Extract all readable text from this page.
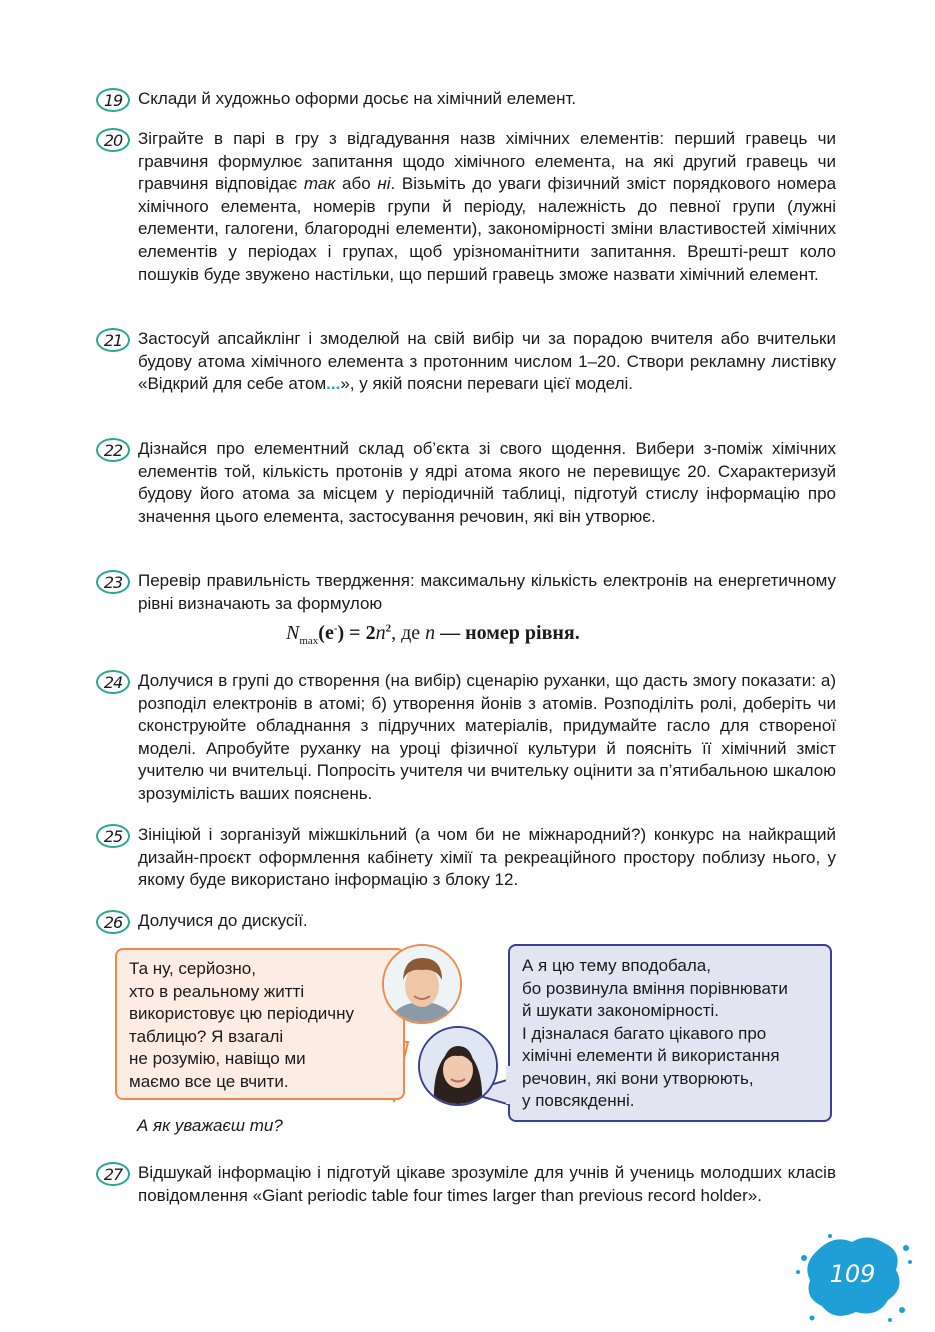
19 Склади й художньо оформи досьє на хімічний елемент.
20 Зіграйте в парі в гру з відгадування назв хімічних елементів: перший гравець чи гравчиня формулює запитання щодо хімічного елемента, на які другий гравець чи гравчиня відповідає так або ні. Візьміть до уваги фізичний зміст порядкового номера хімічного елемента, номерів групи й періоду, належність до певної групи (лужні елементи, галогени, благородні елементи), закономірності зміни властивостей хімічних елементів у періодах і групах, щоб урізноманітнити запитання. Врешті-решт коло пошуків буде звужено настільки, що перший гравець зможе назвати хімічний елемент.
21 Застосуй апсайклінг і змоделюй на свій вибір чи за порадою вчителя або вчительки будову атома хімічного елемента з протонним числом 1–20. Створи рекламну листівку «Відкрий для себе атом...», у якій поясни переваги цієї моделі.
22 Дізнайся про елементний склад об’єкта зі свого щодення. Вибери з-поміж хімічних елементів той, кількість протонів у ядрі атома якого не перевищує 20. Схарактеризуй будову його атома за місцем у періодичній таблиці, підготуй стислу інформацію про значення цього елемента, застосування речовин, які він утворює.
23 Перевір правильність твердження: максимальну кількість електронів на енергетичному рівні визначають за формулою
$N_{max}(e^-) = 2n^2$, де n — номер рівня.
24 Долучися в групі до створення (на вибір) сценарію руханки, що дасть змогу показати: а) розподіл електронів в атомі; б) утворення йонів з атомів. Розподіліть ролі, доберіть чи сконструюйте обладнання з підручних матеріалів, придумайте гасло для створеної моделі. Апробуйте руханку на уроці фізичної культури й поясніть її хімічний зміст учителю чи вчительці. Попросіть учителя чи вчительку оцінити за п’ятибальною шкалою зрозумілість ваших пояснень.
25 Зініціюй і зорганізуй міжшкільний (а чом би не міжнародний?) конкурс на найкращий дизайн-проєкт оформлення кабінету хімії та рекреаційного простору поблизу нього, у якому буде використано інформацію з блоку 12.
26 Долучися до дискусії.
Та ну, серйозно,
хто в реальному житті
використовує цю періодичну
таблицю? Я взагалі
не розумію, навіщо ми
маємо все це вчити.
А я цю тему вподобала,
бо розвинула вміння порівнювати
й шукати закономірності.
І дізналася багато цікавого про
хімічні елементи й використання
речовин, які вони утворюють,
у повсякденні.
А як уважаєш ти?
27 Відшукай інформацію і підготуй цікаве зрозуміле для учнів й учениць молодших класів повідомлення «Giant periodic table four times larger than previous record holder».
109
